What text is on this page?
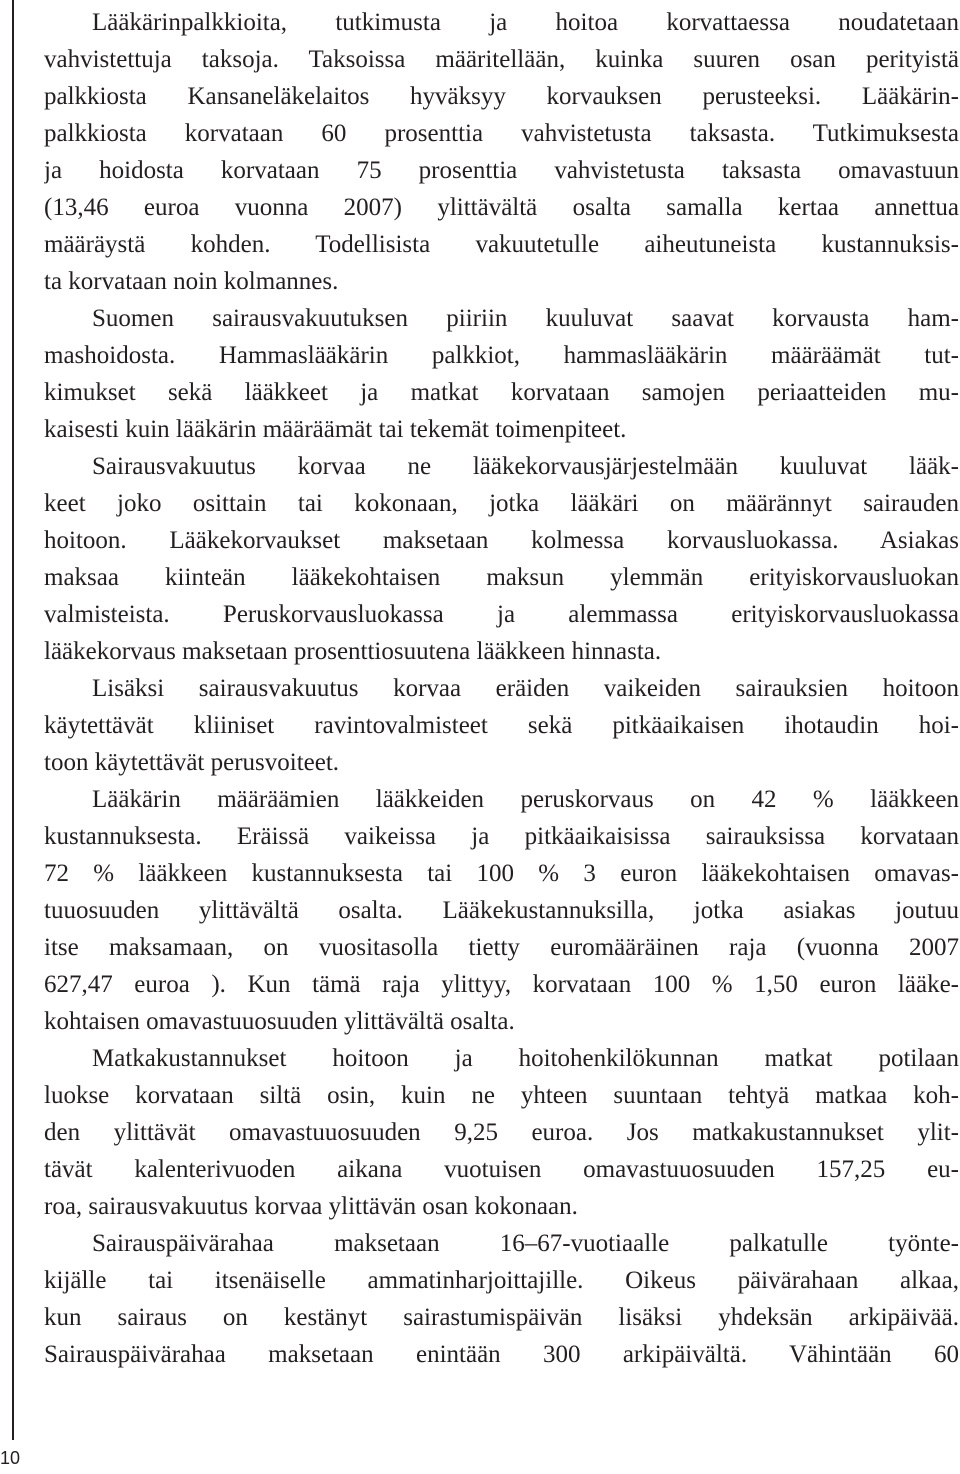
Lääkärinpalkkioita, tutkimusta ja hoitoa korvattaessa noudatetaan
vahvistettuja taksoja. Taksoissa määritellään, kuinka suuren osan perityistä
palkkiosta Kansaneläkelaitos hyväksyy korvauksen perusteeksi. Lääkärin-
palkkiosta korvataan 60 prosenttia vahvistetusta taksasta. Tutkimuksesta
ja hoidosta korvataan 75 prosenttia vahvistetusta taksasta omavastuun
(13,46 euroa vuonna 2007) ylittävältä osalta samalla kertaa annettua
määräystä kohden. Todellisista vakuutetulle aiheutuneista kustannuksis-
ta korvataan noin kolmannes.
Suomen sairausvakuutuksen piiriin kuuluvat saavat korvausta ham-
mashoidosta. Hammaslääkärin palkkiot, hammaslääkärin määräämät tut-
kimukset sekä lääkkeet ja matkat korvataan samojen periaatteiden mu-
kaisesti kuin lääkärin määräämät tai tekemät toimenpiteet.
Sairausvakuutus korvaa ne lääkekorvausjärjestelmään kuuluvat lääk-
keet joko osittain tai kokonaan, jotka lääkäri on määrännyt sairauden
hoitoon. Lääkekorvaukset maksetaan kolmessa korvausluokassa. Asiakas
maksaa kiinteän lääkekohtaisen maksun ylemmän erityiskorvausluokan
valmisteista. Peruskorvausluokassa ja alemmassa erityiskorvausluokassa
lääkekorvaus maksetaan prosenttiosuutena lääkkeen hinnasta.
Lisäksi sairausvakuutus korvaa eräiden vaikeiden sairauksien hoitoon
käytettävät kliiniset ravintovalmisteet sekä pitkäaikaisen ihotaudin hoi-
toon käytettävät perusvoiteet.
Lääkärin määräämien lääkkeiden peruskorvaus on 42 % lääkkeen
kustannuksesta. Eräissä vaikeissa ja pitkäaikaisissa sairauksissa korvataan
72 % lääkkeen kustannuksesta tai 100 % 3 euron lääkekohtaisen omavas-
tuuosuuden ylittävältä osalta. Lääkekustannuksilla, jotka asiakas joutuu
itse maksamaan, on vuositasolla tietty euromääräinen raja (vuonna 2007
627,47 euroa ). Kun tämä raja ylittyy, korvataan 100 % 1,50 euron lääke-
kohtaisen omavastuuosuuden ylittävältä osalta.
Matkakustannukset hoitoon ja hoitohenkilökunnan matkat potilaan
luokse korvataan siltä osin, kuin ne yhteen suuntaan tehtyä matkaa koh-
den ylittävät omavastuuosuuden 9,25 euroa. Jos matkakustannukset ylit-
tävät kalenterivuoden aikana vuotuisen omavastuuosuuden 157,25 eu-
roa, sairausvakuutus korvaa ylittävän osan kokonaan.
Sairauspäivärahaa maksetaan 16–67-vuotiaalle palkatulle työnte-
kijälle tai itsenäiselle ammatinharjoittajille. Oikeus päivärahaan alkaa,
kun sairaus on kestänyt sairastumispäivän lisäksi yhdeksän arkipäivää.
Sairauspäivärahaa maksetaan enintään 300 arkipäivältä. Vähintään 60
10
